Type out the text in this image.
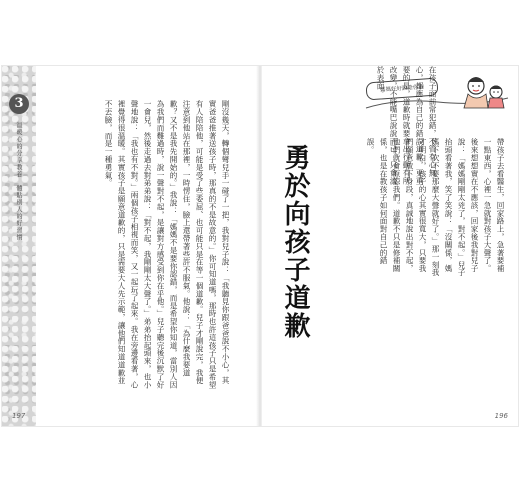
3
溫暖心的分享教養　體貼別人的好習慣	剛沒幾天，轉個彎兒手一碰了一把，我對兒子說：「我聽見你跟爸爸說不小心，其實爸爸推著送孩子時，那真的不是故意的。」你可知道嗎，那時也許這孩子只是希望有人陪陪他，可能是受了些委屈、也可能只是在等一個道歉。兒子才剛說完，我便注意到他站在那裡，一時愣住，臉上還帶著些許不服氣。他說：「為什麼我要道歉？又不是我先開始的。」我說：「媽媽不是要你認錯，而是希望你知道，當別人因為我們而難過時，說一聲對不起，是讓對方感受到你在乎他。」兒子聽完後沉默了好一會兒，然後走過去對弟弟說：「對不起，我剛剛太大聲了。」弟弟抬起頭來，也小聲地說：「我也有不對。」兩個孩子相視而笑，又一起玩了起來。我在旁邊看著，心裡覺得很溫暖。其實孩子是願意道歉的，只是需要大人先示範，讓他們知道道歉並不丟臉，而是一種勇氣。
197
媽媽好好說給你聽 在孩子面前常犯錯，不管有心無心，都應為自己的錯誤道歉，更重要的是，道歉時就要拿出行動有所改變，不能嘴巴說說而已，只會流於表面。
勇於向孩子道歉	帶孩子去看醫生，回家路上，急著要補一點東西，心裡一急就對孩子大聲了。後來想想實在不應該，回家後我對兒子說：「媽媽剛剛太兇了，對不起。」兒子抬頭看著我，笑了笑說：「沒關係，媽媽下次不要那麼大聲就好了。」那一刻我才明白，孩子的心其實很寬大，只要我們願意放下身段，真誠地說出對不起，他們就會原諒我們。道歉不只是修補關係，也是在教孩子如何面對自己的錯誤。
196
